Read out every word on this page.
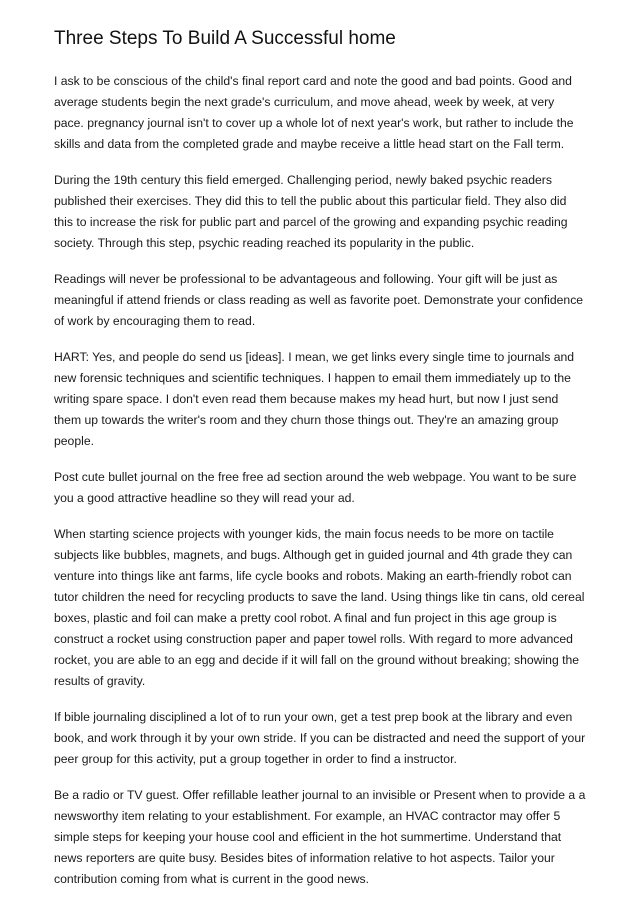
Three Steps To Build A Successful home

I ask to be conscious of the child's final report card and note the good and bad points. Good and average students begin the next grade's curriculum, and move ahead, week by week, at very pace. pregnancy journal isn't to cover up a whole lot of next year's work, but rather to include the skills and data from the completed grade and maybe receive a little head start on the Fall term.

During the 19th century this field emerged. Challenging period, newly baked psychic readers published their exercises. They did this to tell the public about this particular field. They also did this to increase the risk for public part and parcel of the growing and expanding psychic reading society. Through this step, psychic reading reached its popularity in the public.

Readings will never be professional to be advantageous and following. Your gift will be just as meaningful if attend friends or class reading as well as favorite poet. Demonstrate your confidence of work by encouraging them to read.

HART: Yes, and people do send us [ideas]. I mean, we get links every single time to journals and new forensic techniques and scientific techniques. I happen to email them immediately up to the writing spare space. I don't even read them because makes my head hurt, but now I just send them up towards the writer's room and they churn those things out. They're an amazing group people.

Post cute bullet journal on the free free ad section around the web webpage. You want to be sure you a good attractive headline so they will read your ad.

When starting science projects with younger kids, the main focus needs to be more on tactile subjects like bubbles, magnets, and bugs. Although get in guided journal and 4th grade they can venture into things like ant farms, life cycle books and robots. Making an earth-friendly robot can tutor children the need for recycling products to save the land. Using things like tin cans, old cereal boxes, plastic and foil can make a pretty cool robot. A final and fun project in this age group is construct a rocket using construction paper and paper towel rolls. With regard to more advanced rocket, you are able to an egg and decide if it will fall on the ground without breaking; showing the results of gravity.

If bible journaling disciplined a lot of to run your own, get a test prep book at the library and even book, and work through it by your own stride. If you can be distracted and need the support of your peer group for this activity, put a group together in order to find a instructor.

Be a radio or TV guest. Offer refillable leather journal to an invisible or Present when to provide a a newsworthy item relating to your establishment. For example, an HVAC contractor may offer 5 simple steps for keeping your house cool and efficient in the hot summertime. Understand that news reporters are quite busy. Besides bites of information relative to hot aspects. Tailor your contribution coming from what is current in the good news.
